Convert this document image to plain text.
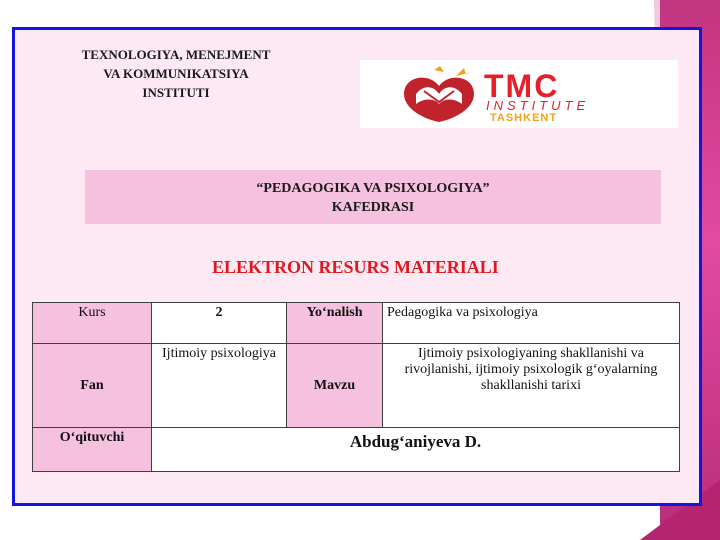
TEXNOLOGIYA, MENEJMENT
VA KOMMUNIKATSIYA
INSTITUTI	TMC
INSTITUTE
TASHKENT
“PEDAGOGIKA VA PSIXOLOGIYA”
KAFEDRASI
ELEKTRON RESURS MATERIALI
Kurs	2	Yo‘nalish	Pedagogika va psixologiya
Fan	Ijtimoiy psixologiya	Mavzu	Ijtimoiy psixologiyaning shakllanishi va rivojlanishi, ijtimoiy psixologik g‘oyalarning shakllanishi tarixi
O‘qituvchi	Abdug‘aniyeva D.		
